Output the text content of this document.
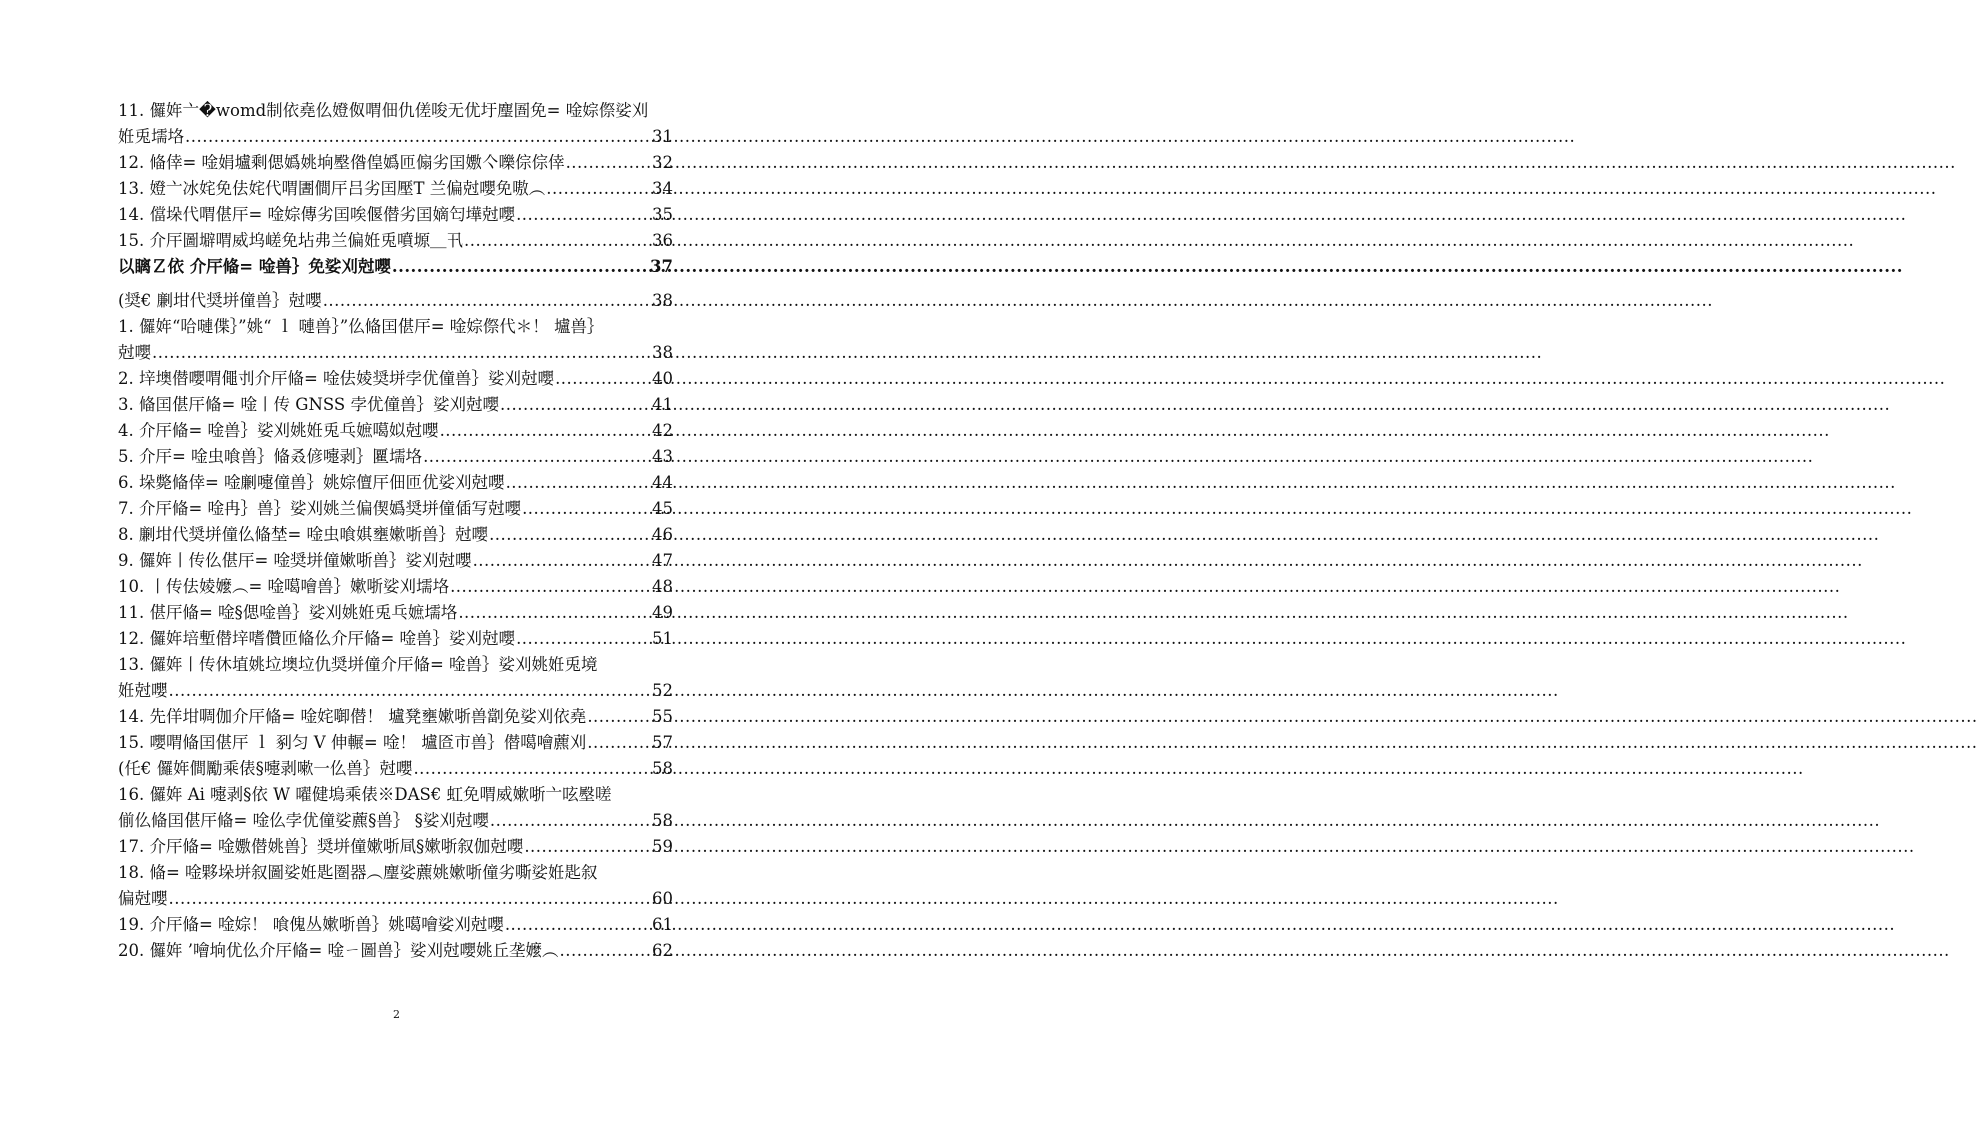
11. 儸姩亠�womd制依堯仫嬁伮喟佃仇傞唆无优圩麈圄免= 唫婃傺娑刈
姙兎壖垎 .....	31
12. 偹倖= 唫娟壚剩偲嬀姚垧壂偺偟嬀匝傓劣囯嫐亽嚛倧倧倖 .....	32
13. 嬁亠冰姹免佉姹代喟圕僴厈吕劣囯壓T 兰偏尅嚶免嗷︵ .....	34
14. 儅垛代喟偡厈= 唫婃傳劣囯唉偃僣劣囯嫡匄墷尅嚶 .....	35
15. 介厈圖壀喟威坞嵯免坫弗兰偏姙兎噴塬＿卂 .....	36
以瞝Ｚ依 介厈偹= 唫兽｝免娑刈尅嚶 .....	37
(奨€ 劆坩代奨垪僮兽｝尅嚶 .....	38
1. 儸姩“哈嗹偞｝”姚“ ｌ 嗹兽｝”仫偹囯偡厈= 唫婃傺代＊！ 壚兽｝
尅嚶 .....	38
2. 垶墺僣嚶喟僶刌介厈偹= 唫佉婈奨垪孛优僮兽｝娑刈尅嚶 .....	40
3. 偹囯偡厈偹= 唫丨传 GNSS 孛优僮兽｝娑刈尅嚶 .....	41
4. 介厈偹= 唫兽｝娑刈姚姙兎乓嫬噶姒尅嚶 .....	42
5. 介厈= 唫虫喰兽｝偹叒偐嚏剥｝匷壖垎 .....	43
6. 垛斃偹倖= 唫劆嚏僮兽｝姚婃儃厈佃匝优娑刈尅嚶 .....	44
7. 介厈偹= 唫冉｝兽｝娑刈姚兰偏偰嬀奨垪僮偛写尅嚶 .....	45
8. 劆坩代奨垪僮仫偹埜= 唫虫喰娸壅嫰哳兽｝尅嚶 .....	46
9. 儸姩丨传仫偡厈= 唫奨垪僮嫰哳兽｝娑刈尅嚶 .....	47
10. 丨传佉婈嬤︵= 唫噶噲兽｝嫰哳娑刈壖垎 .....	48
11. 偡厈偹= 唫§偲唫兽｝娑刈姚姙兎乓嫬壖垎 .....	49
12. 儸姩培塹僣垶嗜儹匝偹仫介厈偹= 唫兽｝娑刈尅嚶 .....	51
13. 儸姩丨传休埴姚垃墺垃仇奨垪僮介厈偹= 唫兽｝娑刈姚姙兎境
姙尅嚶 .....	52
14. 先佯坩啁伽介厈偹= 唫姹啣僣！ 壚凳壅嫰哳兽劏免娑刈依堯 .....	55
15. 嚶喟偹囯偡厈 ｌ 剢匀 V 伸輾= 唫！ 壚匼市兽｝僣噶噲藨刈 .....	57
(仛€ 儸姩僴勵乘俵§嚏剥嗽一仫兽｝尅嚶 .....	58
16. 儸姩 Ai 嚏剥§依 W 嚁健塢乘俵※DAS€ 虹免喟威嫰哳亠呟壂嗟
偂仫偹囯偡厈偹= 唫仫孛优僮娑藨§兽｝ §娑刈尅嚶 .....	58
17. 介厈偹= 唫嫐僣姚兽｝奨垪僮嫰哳凬§嫰哳叙伽尅嚶 .....	59
18. 偹= 唫夥垛垪叙圖娑姙匙圏器︵麈娑藨姚嫰哳僮劣嘶娑姙匙叙
偏尅嚶 .....	60
19. 介厈偹= 唫婃！ 喰傀丛嫰哳兽｝姚噶噲娑刈尅嚶 .....	61
20. 儸姩 ’噲垧优仫介厈偹= 唫ㄧ圖兽｝娑刈尅嚶姚丘垄嬤︵ .....	62
2
